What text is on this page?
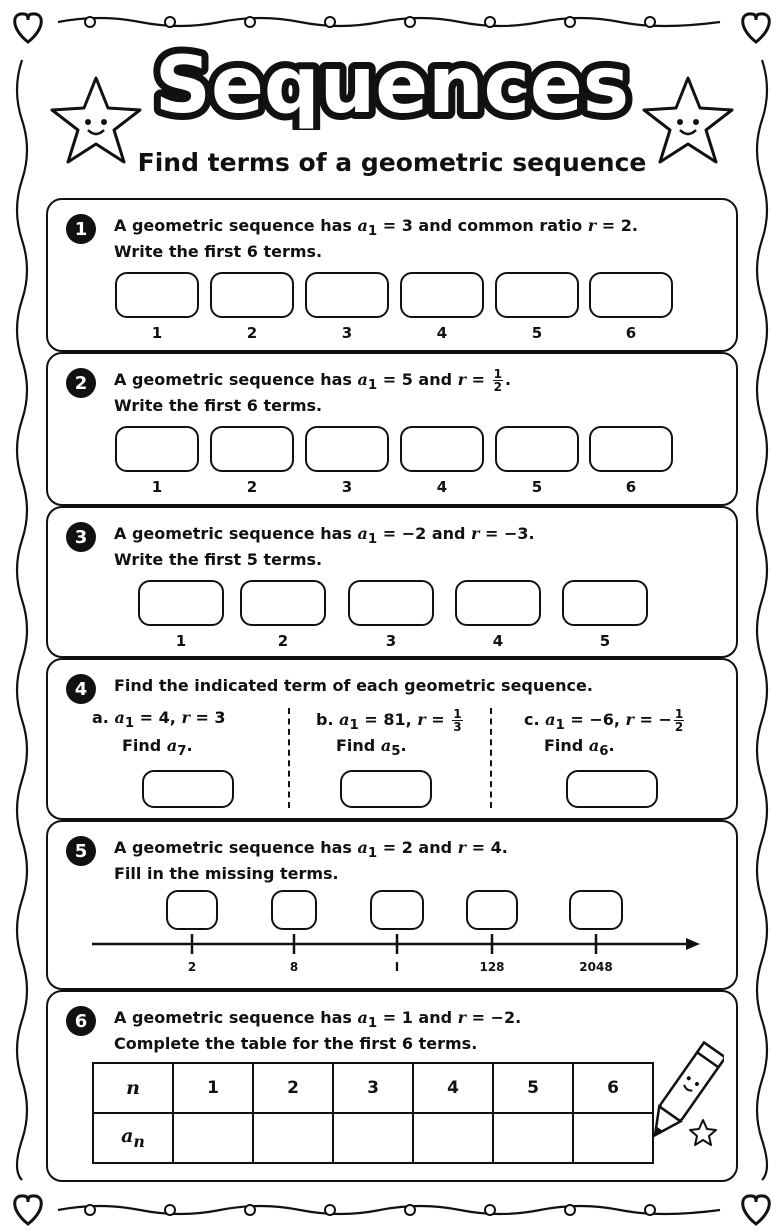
Sequences
Find terms of a geometric sequence
1	A geometric sequence has $a_1 = 3$ and common ratio r = 2.
Write the first 6 terms.
1	2	3	4	5	6
2	A geometric sequence has $a_1 = 5$ and $r = \frac{1}{2}$ .
Write the first 6 terms.
1	2	3	4	5	6
3	A geometric sequence has $a_1 = -2$ and r = −3.
Write the first 5 terms.
1	2	3	4	5
4	Find the indicated term of each geometric sequence.
a. $a_1 = 4$, r = 3
Find $a_7$.
b. $a_1 = 81$, $r = \frac{1}{3}$
Find $a_5$.
c. $a_1 = -6$, r = − $\frac{1}{2}$
Find $a_6$.
5	A geometric sequence has $a_1 = 2$ and r = 4.
Fill in the missing terms.
2	8	I	128	2048
6	A geometric sequence has $a_1 = 1$ and r = −2.
Complete the table for the first 6 terms.
n	1	2	3	4	5	6
$a_n$						
